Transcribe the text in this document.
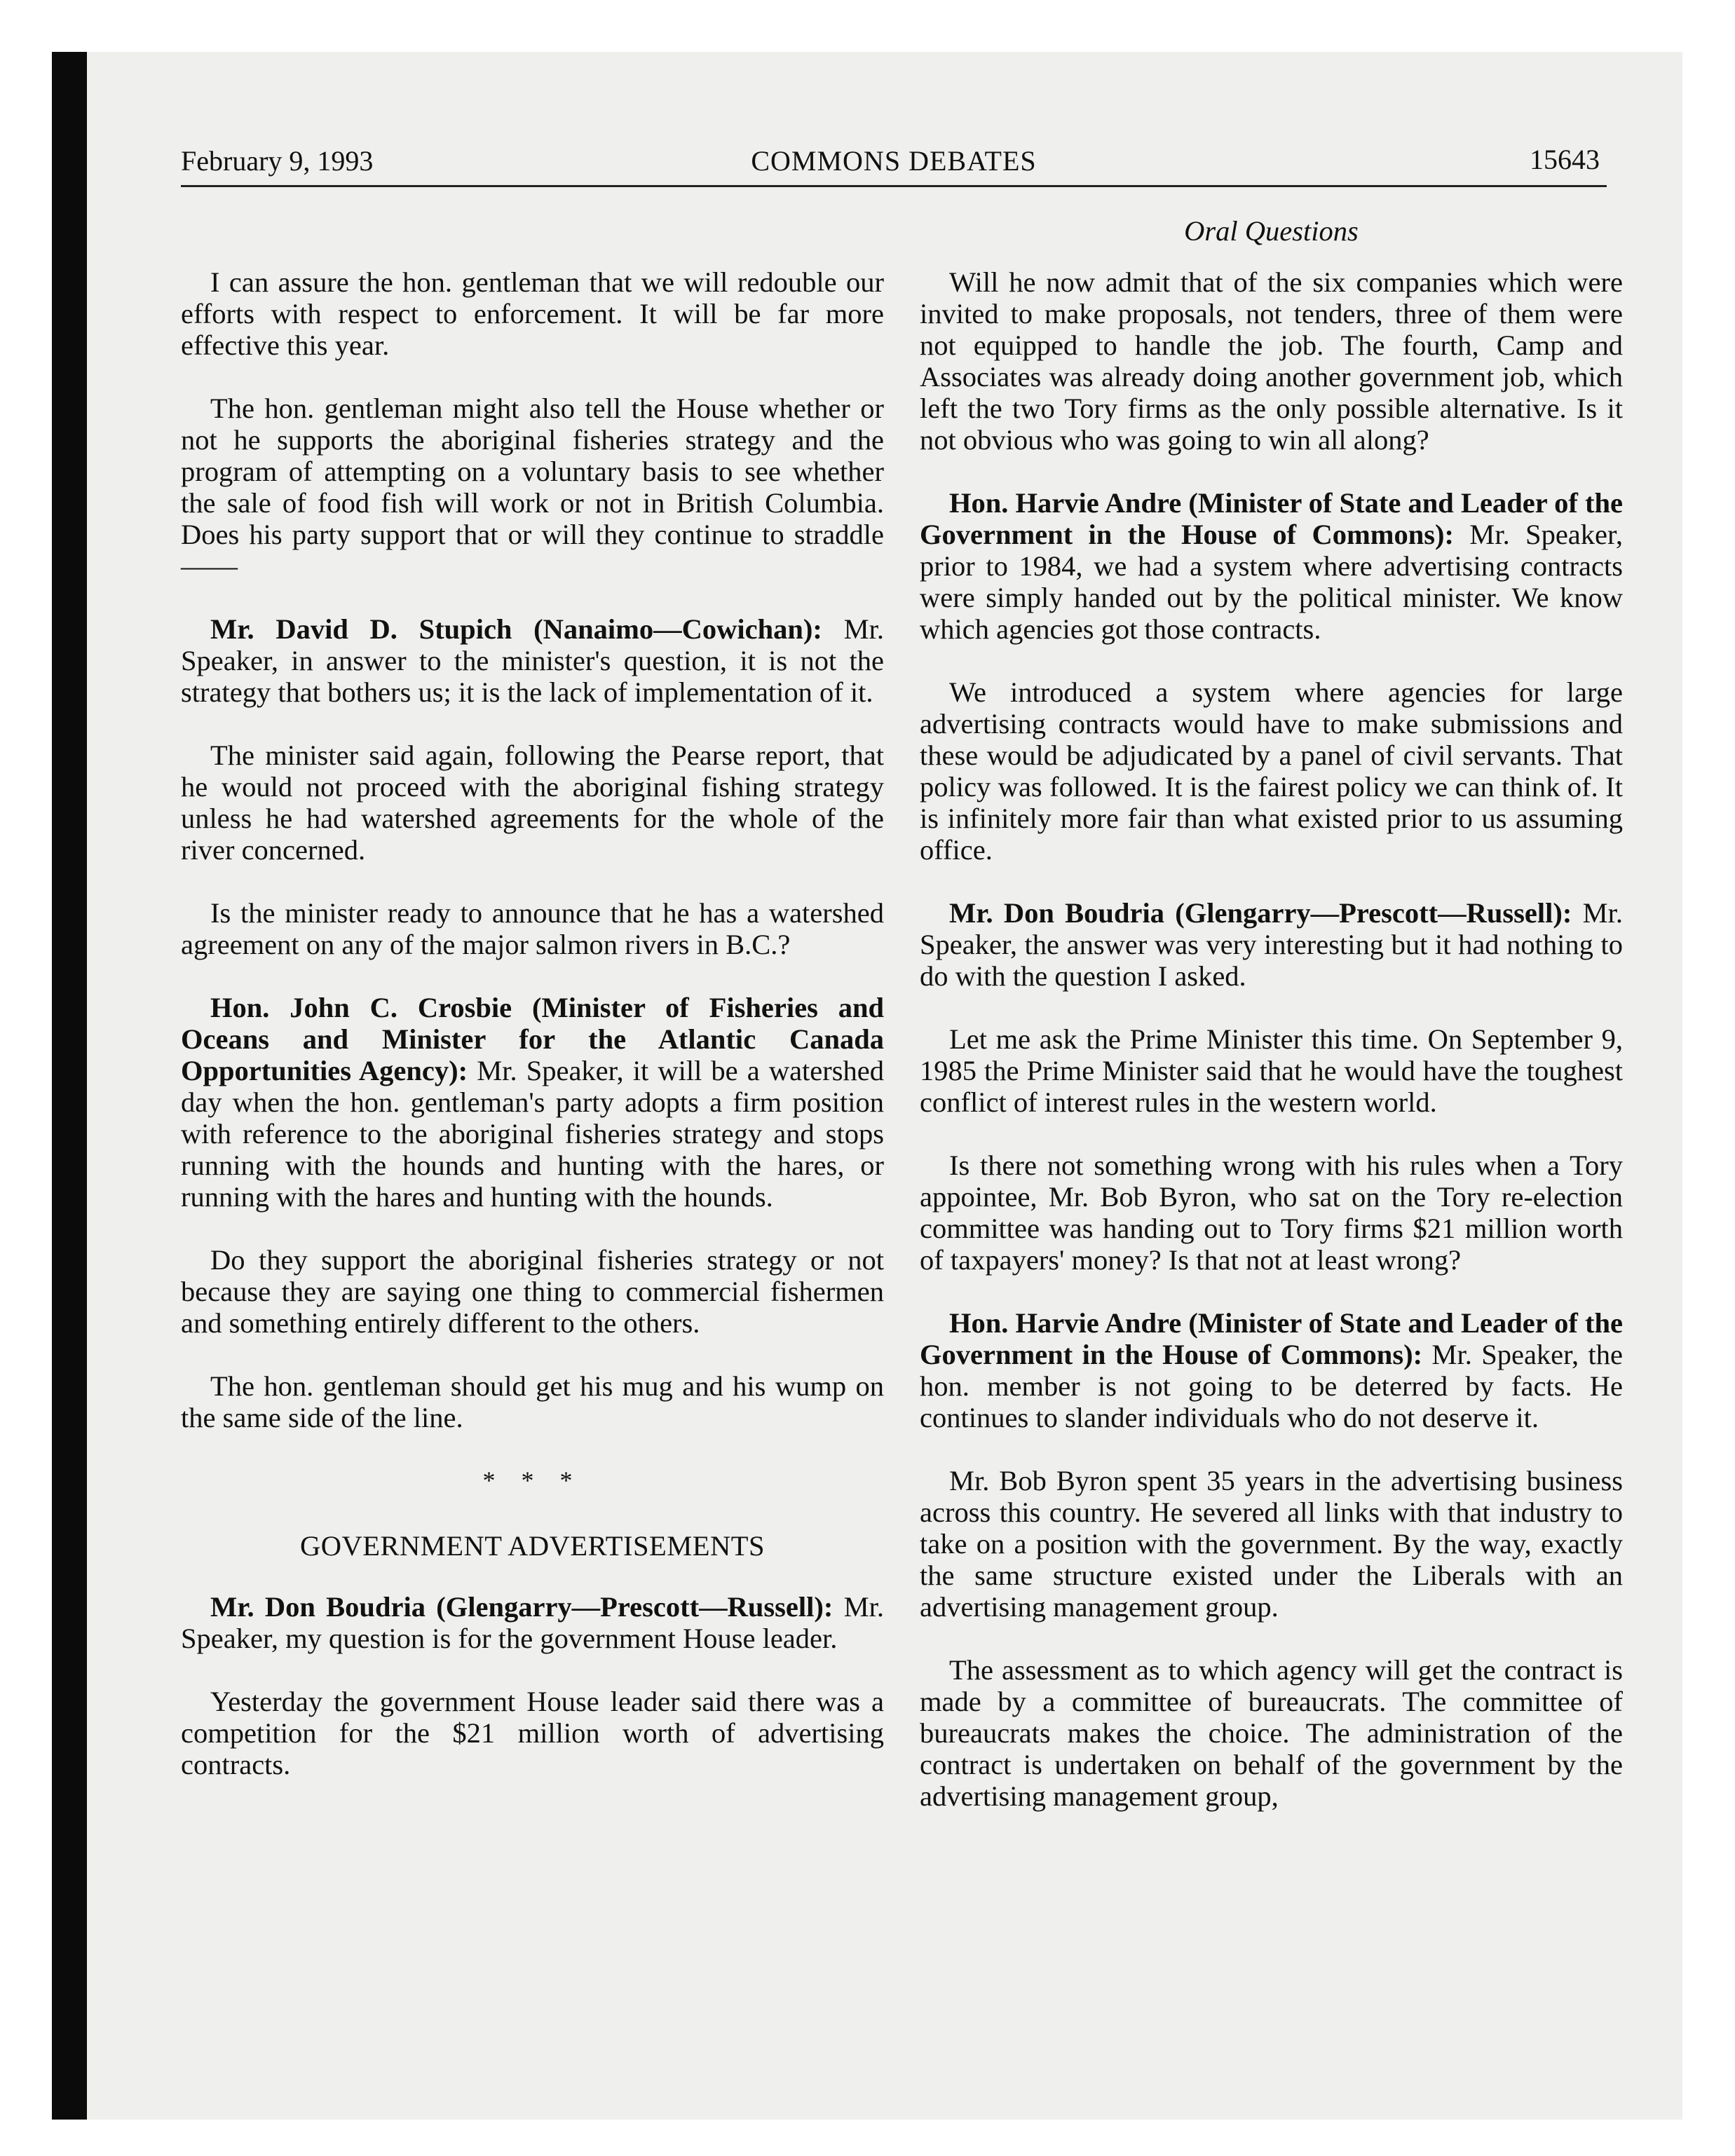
February 9, 1993	COMMONS DEBATES	15643
Oral Questions

I can assure the hon. gentleman that we will redouble our efforts with respect to enforcement. It will be far more effective this year.

The hon. gentleman might also tell the House whether or not he supports the aboriginal fisheries strategy and the program of attempting on a voluntary basis to see whether the sale of food fish will work or not in British Columbia. Does his party support that or will they continue to straddle——

Mr. David D. Stupich (Nanaimo—Cowichan): Mr. Speaker, in answer to the minister's question, it is not the strategy that bothers us; it is the lack of implementation of it.

The minister said again, following the Pearse report, that he would not proceed with the aboriginal fishing strategy unless he had watershed agreements for the whole of the river concerned.

Is the minister ready to announce that he has a watershed agreement on any of the major salmon rivers in B.C.?

Hon. John C. Crosbie (Minister of Fisheries and Oceans and Minister for the Atlantic Canada Opportunities Agency): Mr. Speaker, it will be a watershed day when the hon. gentleman's party adopts a firm position with reference to the aboriginal fisheries strategy and stops running with the hounds and hunting with the hares, or running with the hares and hunting with the hounds.

Do they support the aboriginal fisheries strategy or not because they are saying one thing to commercial fishermen and something entirely different to the others.

The hon. gentleman should get his mug and his wump on the same side of the line.

* * *
GOVERNMENT ADVERTISEMENTS

Mr. Don Boudria (Glengarry—Prescott—Russell): Mr. Speaker, my question is for the government House leader.

Yesterday the government House leader said there was a competition for the $21 million worth of advertising contracts.

Will he now admit that of the six companies which were invited to make proposals, not tenders, three of them were not equipped to handle the job. The fourth, Camp and Associates was already doing another government job, which left the two Tory firms as the only possible alternative. Is it not obvious who was going to win all along?

Hon. Harvie Andre (Minister of State and Leader of the Government in the House of Commons): Mr. Speaker, prior to 1984, we had a system where advertising contracts were simply handed out by the political minister. We know which agencies got those contracts.

We introduced a system where agencies for large advertising contracts would have to make submissions and these would be adjudicated by a panel of civil servants. That policy was followed. It is the fairest policy we can think of. It is infinitely more fair than what existed prior to us assuming office.

Mr. Don Boudria (Glengarry—Prescott—Russell): Mr. Speaker, the answer was very interesting but it had nothing to do with the question I asked.

Let me ask the Prime Minister this time. On September 9, 1985 the Prime Minister said that he would have the toughest conflict of interest rules in the western world.

Is there not something wrong with his rules when a Tory appointee, Mr. Bob Byron, who sat on the Tory re-election committee was handing out to Tory firms $21 million worth of taxpayers' money? Is that not at least wrong?

Hon. Harvie Andre (Minister of State and Leader of the Government in the House of Commons): Mr. Speaker, the hon. member is not going to be deterred by facts. He continues to slander individuals who do not deserve it.

Mr. Bob Byron spent 35 years in the advertising business across this country. He severed all links with that industry to take on a position with the government. By the way, exactly the same structure existed under the Liberals with an advertising management group.

The assessment as to which agency will get the contract is made by a committee of bureaucrats. The committee of bureaucrats makes the choice. The administration of the contract is undertaken on behalf of the government by the advertising management group,
